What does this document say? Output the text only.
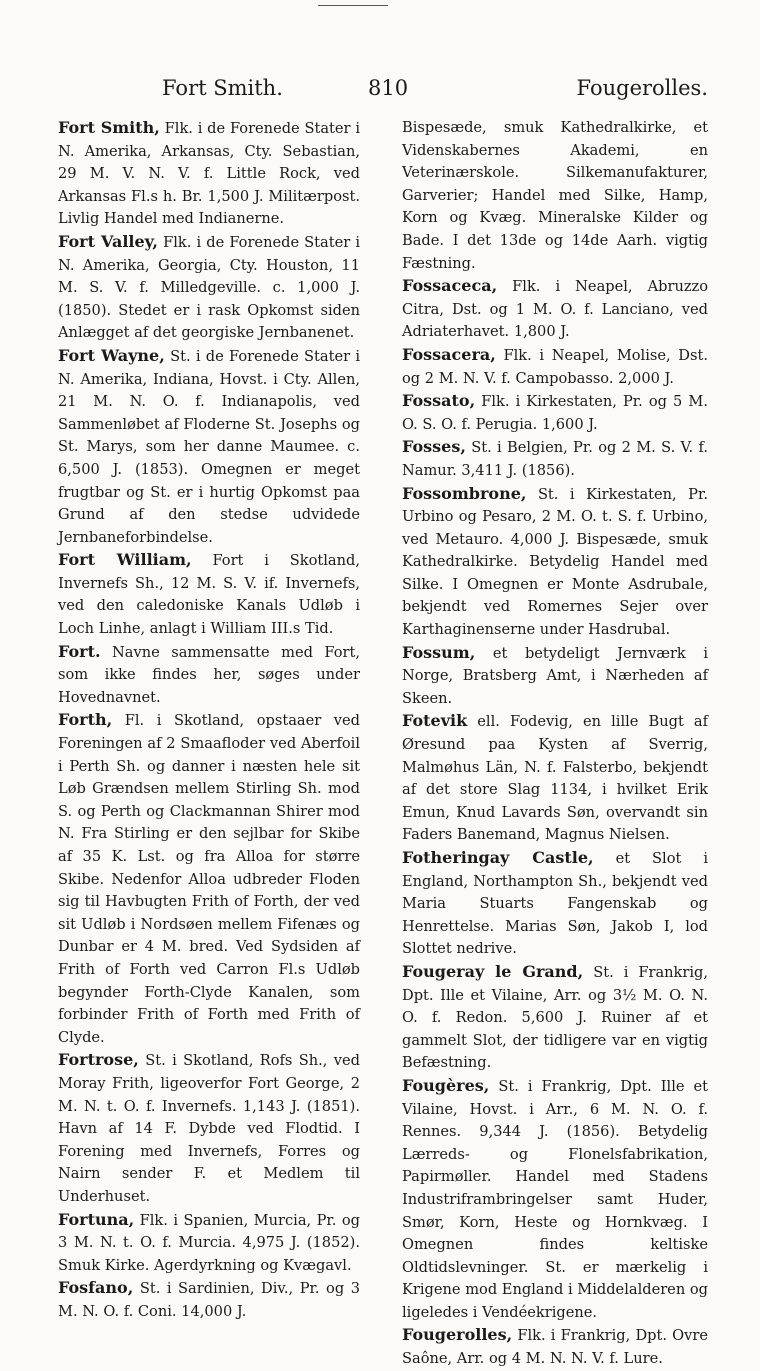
Fort Smith.	810	Fougerolles.

Fort Smith, Flk. i de Forenede Stater i N. Amerika, Arkansas, Cty. Sebastian, 29 M. V. N. V. f. Little Rock, ved Arkansas Fl.s h. Br. 1,500 J. Militærpost. Livlig Handel med Indianerne.

Fort Valley, Flk. i de Forenede Stater i N. Amerika, Georgia, Cty. Houston, 11 M. S. V. f. Milledgeville. c. 1,000 J. (1850). Stedet er i rask Opkomst siden Anlægget af det georgiske Jernbanenet.

Fort Wayne, St. i de Forenede Stater i N. Amerika, Indiana, Hovst. i Cty. Allen, 21 M. N. O. f. Indianapolis, ved Sammenløbet af Floderne St. Josephs og St. Marys, som her danne Maumee. c. 6,500 J. (1853). Omegnen er meget frugtbar og St. er i hurtig Opkomst paa Grund af den stedse udvidede Jernbaneforbindelse.

Fort William, Fort i Skotland, Invernefs Sh., 12 M. S. V. if. Invernefs, ved den caledoniske Kanals Udløb i Loch Linhe, anlagt i William III.s Tid.

Fort. Navne sammensatte med Fort, som ikke findes her, søges under Hovednavnet.

Forth, Fl. i Skotland, opstaaer ved Foreningen af 2 Smaafloder ved Aberfoil i Perth Sh. og danner i næsten hele sit Løb Grændsen mellem Stirling Sh. mod S. og Perth og Clackmannan Shirer mod N. Fra Stirling er den sejlbar for Skibe af 35 K. Lst. og fra Alloa for større Skibe. Nedenfor Alloa udbreder Floden sig til Havbugten Frith of Forth, der ved sit Udløb i Nordsøen mellem Fifenæs og Dunbar er 4 M. bred. Ved Sydsiden af Frith of Forth ved Carron Fl.s Udløb begynder Forth-Clyde Kanalen, som forbinder Frith of Forth med Frith of Clyde.

Fortrose, St. i Skotland, Rofs Sh., ved Moray Frith, ligeoverfor Fort George, 2 M. N. t. O. f. Invernefs. 1,143 J. (1851). Havn af 14 F. Dybde ved Flodtid. I Forening med Invernefs, Forres og Nairn sender F. et Medlem til Underhuset.

Fortuna, Flk. i Spanien, Murcia, Pr. og 3 M. N. t. O. f. Murcia. 4,975 J. (1852). Smuk Kirke. Agerdyrkning og Kvægavl.

Fosfano, St. i Sardinien, Div., Pr. og 3 M. N. O. f. Coni. 14,000 J.

Bispesæde, smuk Kathedralkirke, et Videnskabernes Akademi, en Veterinærskole. Silkemanufakturer, Garverier; Handel med Silke, Hamp, Korn og Kvæg. Mineralske Kilder og Bade. I det 13de og 14de Aarh. vigtig Fæstning.

Fossaceca, Flk. i Neapel, Abruzzo Citra, Dst. og 1 M. O. f. Lanciano, ved Adriaterhavet. 1,800 J.

Fossacera, Flk. i Neapel, Molise, Dst. og 2 M. N. V. f. Campobasso. 2,000 J.

Fossato, Flk. i Kirkestaten, Pr. og 5 M. O. S. O. f. Perugia. 1,600 J.

Fosses, St. i Belgien, Pr. og 2 M. S. V. f. Namur. 3,411 J. (1856).

Fossombrone, St. i Kirkestaten, Pr. Urbino og Pesaro, 2 M. O. t. S. f. Urbino, ved Metauro. 4,000 J. Bispesæde, smuk Kathedralkirke. Betydelig Handel med Silke. I Omegnen er Monte Asdrubale, bekjendt ved Romernes Sejer over Karthaginenserne under Hasdrubal.

Fossum, et betydeligt Jernværk i Norge, Bratsberg Amt, i Nærheden af Skeen.

Fotevik ell. Fodevig, en lille Bugt af Øresund paa Kysten af Sverrig, Malmøhus Län, N. f. Falsterbo, bekjendt af det store Slag 1134, i hvilket Erik Emun, Knud Lavards Søn, overvandt sin Faders Banemand, Magnus Nielsen.

Fotheringay Castle, et Slot i England, Northampton Sh., bekjendt ved Maria Stuarts Fangenskab og Henrettelse. Marias Søn, Jakob I, lod Slottet nedrive.

Fougeray le Grand, St. i Frankrig, Dpt. Ille et Vilaine, Arr. og 3½ M. O. N. O. f. Redon. 5,600 J. Ruiner af et gammelt Slot, der tidligere var en vigtig Befæstning.

Fougères, St. i Frankrig, Dpt. Ille et Vilaine, Hovst. i Arr., 6 M. N. O. f. Rennes. 9,344 J. (1856). Betydelig Lærreds- og Flonelsfabrikation, Papirmøller. Handel med Stadens Industriframbringelser samt Huder, Smør, Korn, Heste og Hornkvæg. I Omegnen findes keltiske Oldtidslevninger. St. er mærkelig i Krigene mod England i Middelalderen og ligeledes i Vendéekrigene.

Fougerolles, Flk. i Frankrig, Dpt. Ovre Saône, Arr. og 4 M. N. N. V. f. Lure.
